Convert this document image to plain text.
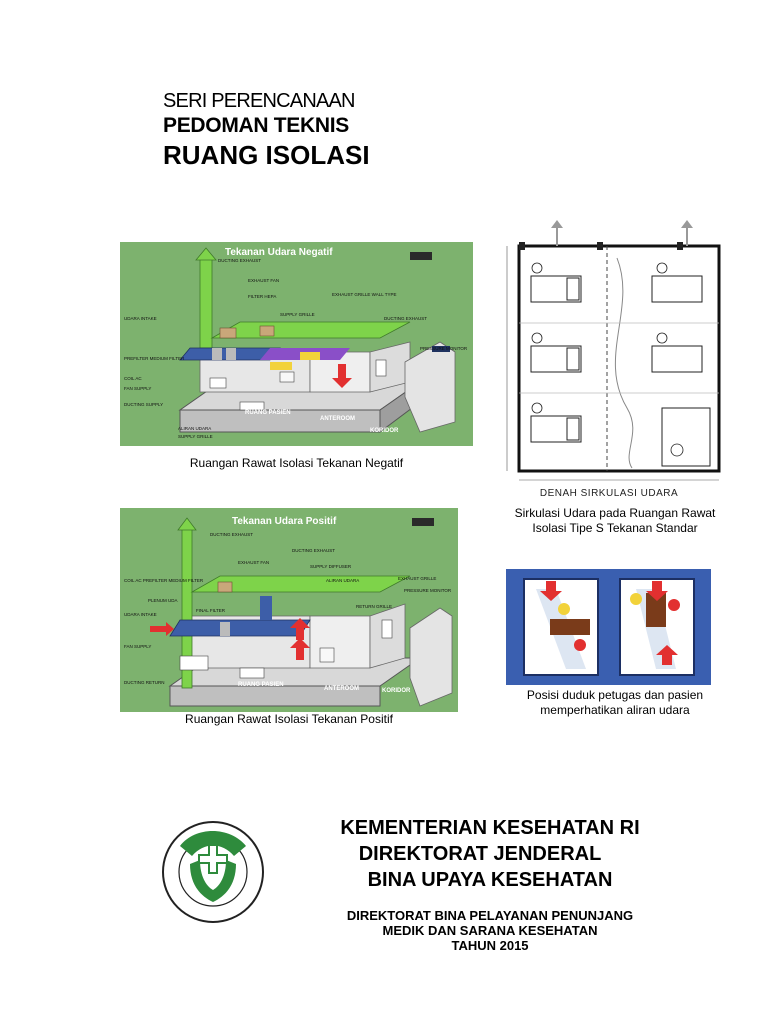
SERI PERENCANAAN
PEDOMAN TEKNIS
RUANG ISOLASI
Tekanan Udara Negatif
DUCTING EXHAUST
EXHAUST FAN
FILTER HEPA	EXHAUST GRILLE WALL TYPE
DUCTING EXHAUST
UDARA INTAKE
SUPPLY GRILLE
PREFILTER MEDIUM FILTER
PRESSURE MONITOR
COIL AC
FAN SUPPLY
DUCTING SUPPLY
ALIRAN UDARA
SUPPLY GRILLE
RUANG PASIEN
ANTEROOM
KORIDOR
Ruangan Rawat Isolasi Tekanan Negatif
DENAH SIRKULASI UDARA
Sirkulasi Udara pada Ruangan Rawat
Isolasi Tipe S Tekanan Standar
Tekanan Udara Positif
DUCTING EXHAUST
DUCTING EXHAUST
EXHAUST FAN
SUPPLY DIFFUSER
ALIRAN UDARA	EXHAUST GRILLE
PRESSURE MONITOR
COIL AC PREFILTER MEDIUM FILTER
PLENUM UDA
FINAL FILTER
UDARA INTAKE
RETURN GRILLE
FAN SUPPLY
DUCTING RETURN	RUANG PASIEN
ANTEROOM	KORIDOR
Ruangan Rawat Isolasi Tekanan Positif
Posisi duduk petugas dan pasien
memperhatikan aliran udara
KEMENTERIAN KESEHATAN RI
DIREKTORAT JENDERAL
BINA UPAYA KESEHATAN
DIREKTORAT BINA PELAYANAN PENUNJANG
MEDIK DAN SARANA KESEHATAN
TAHUN 2015
